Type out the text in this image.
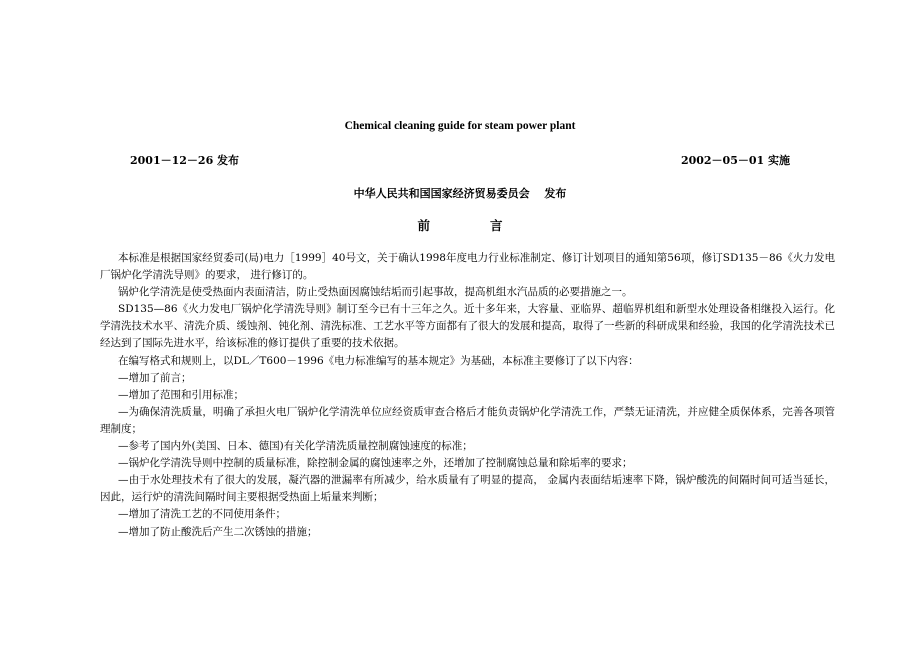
Chemical cleaning guide for steam power plant
2001－12－26 发布	2002－05－01 实施
中华人民共和国国家经济贸易委员会　 发布
前言

本标准是根据国家经贸委司(局)电力［1999］40号文，关于确认1998年度电力行业标准制定、修订计划项目的通知第56项，修订SD135－86《火力发电厂锅炉化学清洗导则》的要求， 进行修订的。

锅炉化学清洗是使受热面内表面清洁，防止受热面因腐蚀结垢而引起事故，提高机组水汽品质的必要措施之一。

SD135—86《火力发电厂锅炉化学清洗导则》制订至今已有十三年之久。近十多年来，大容量、亚临界、超临界机组和新型水处理设备相继投入运行。化学清洗技术水平、清洗介质、缓蚀剂、钝化剂、清洗标准、工艺水平等方面都有了很大的发展和提高，取得了一些新的科研成果和经验，我国的化学清洗技术已经达到了国际先进水平，给该标准的修订提供了重要的技术依据。

在编写格式和规则上，以DL／T600－1996《电力标准编写的基本规定》为基础，本标准主要修订了以下内容：

—增加了前言；

—增加了范围和引用标准；

—为确保清洗质量，明确了承担火电厂锅炉化学清洗单位应经资质审查合格后才能负责锅炉化学清洗工作，严禁无证清洗，并应健全质保体系，完善各项管理制度；

—参考了国内外(美国、日本、德国)有关化学清洗质量控制腐蚀速度的标准；

—锅炉化学清洗导则中控制的质量标准，除控制金属的腐蚀速率之外，还增加了控制腐蚀总量和除垢率的要求；

—由于水处理技术有了很大的发展，凝汽器的泄漏率有所减少，给水质量有了明显的提高， 金属内表面结垢速率下降，锅炉酸洗的间隔时间可适当延长，因此，运行炉的清洗间隔时间主要根据受热面上垢量来判断；

—增加了清洗工艺的不同使用条件；

—增加了防止酸洗后产生二次锈蚀的措施；
